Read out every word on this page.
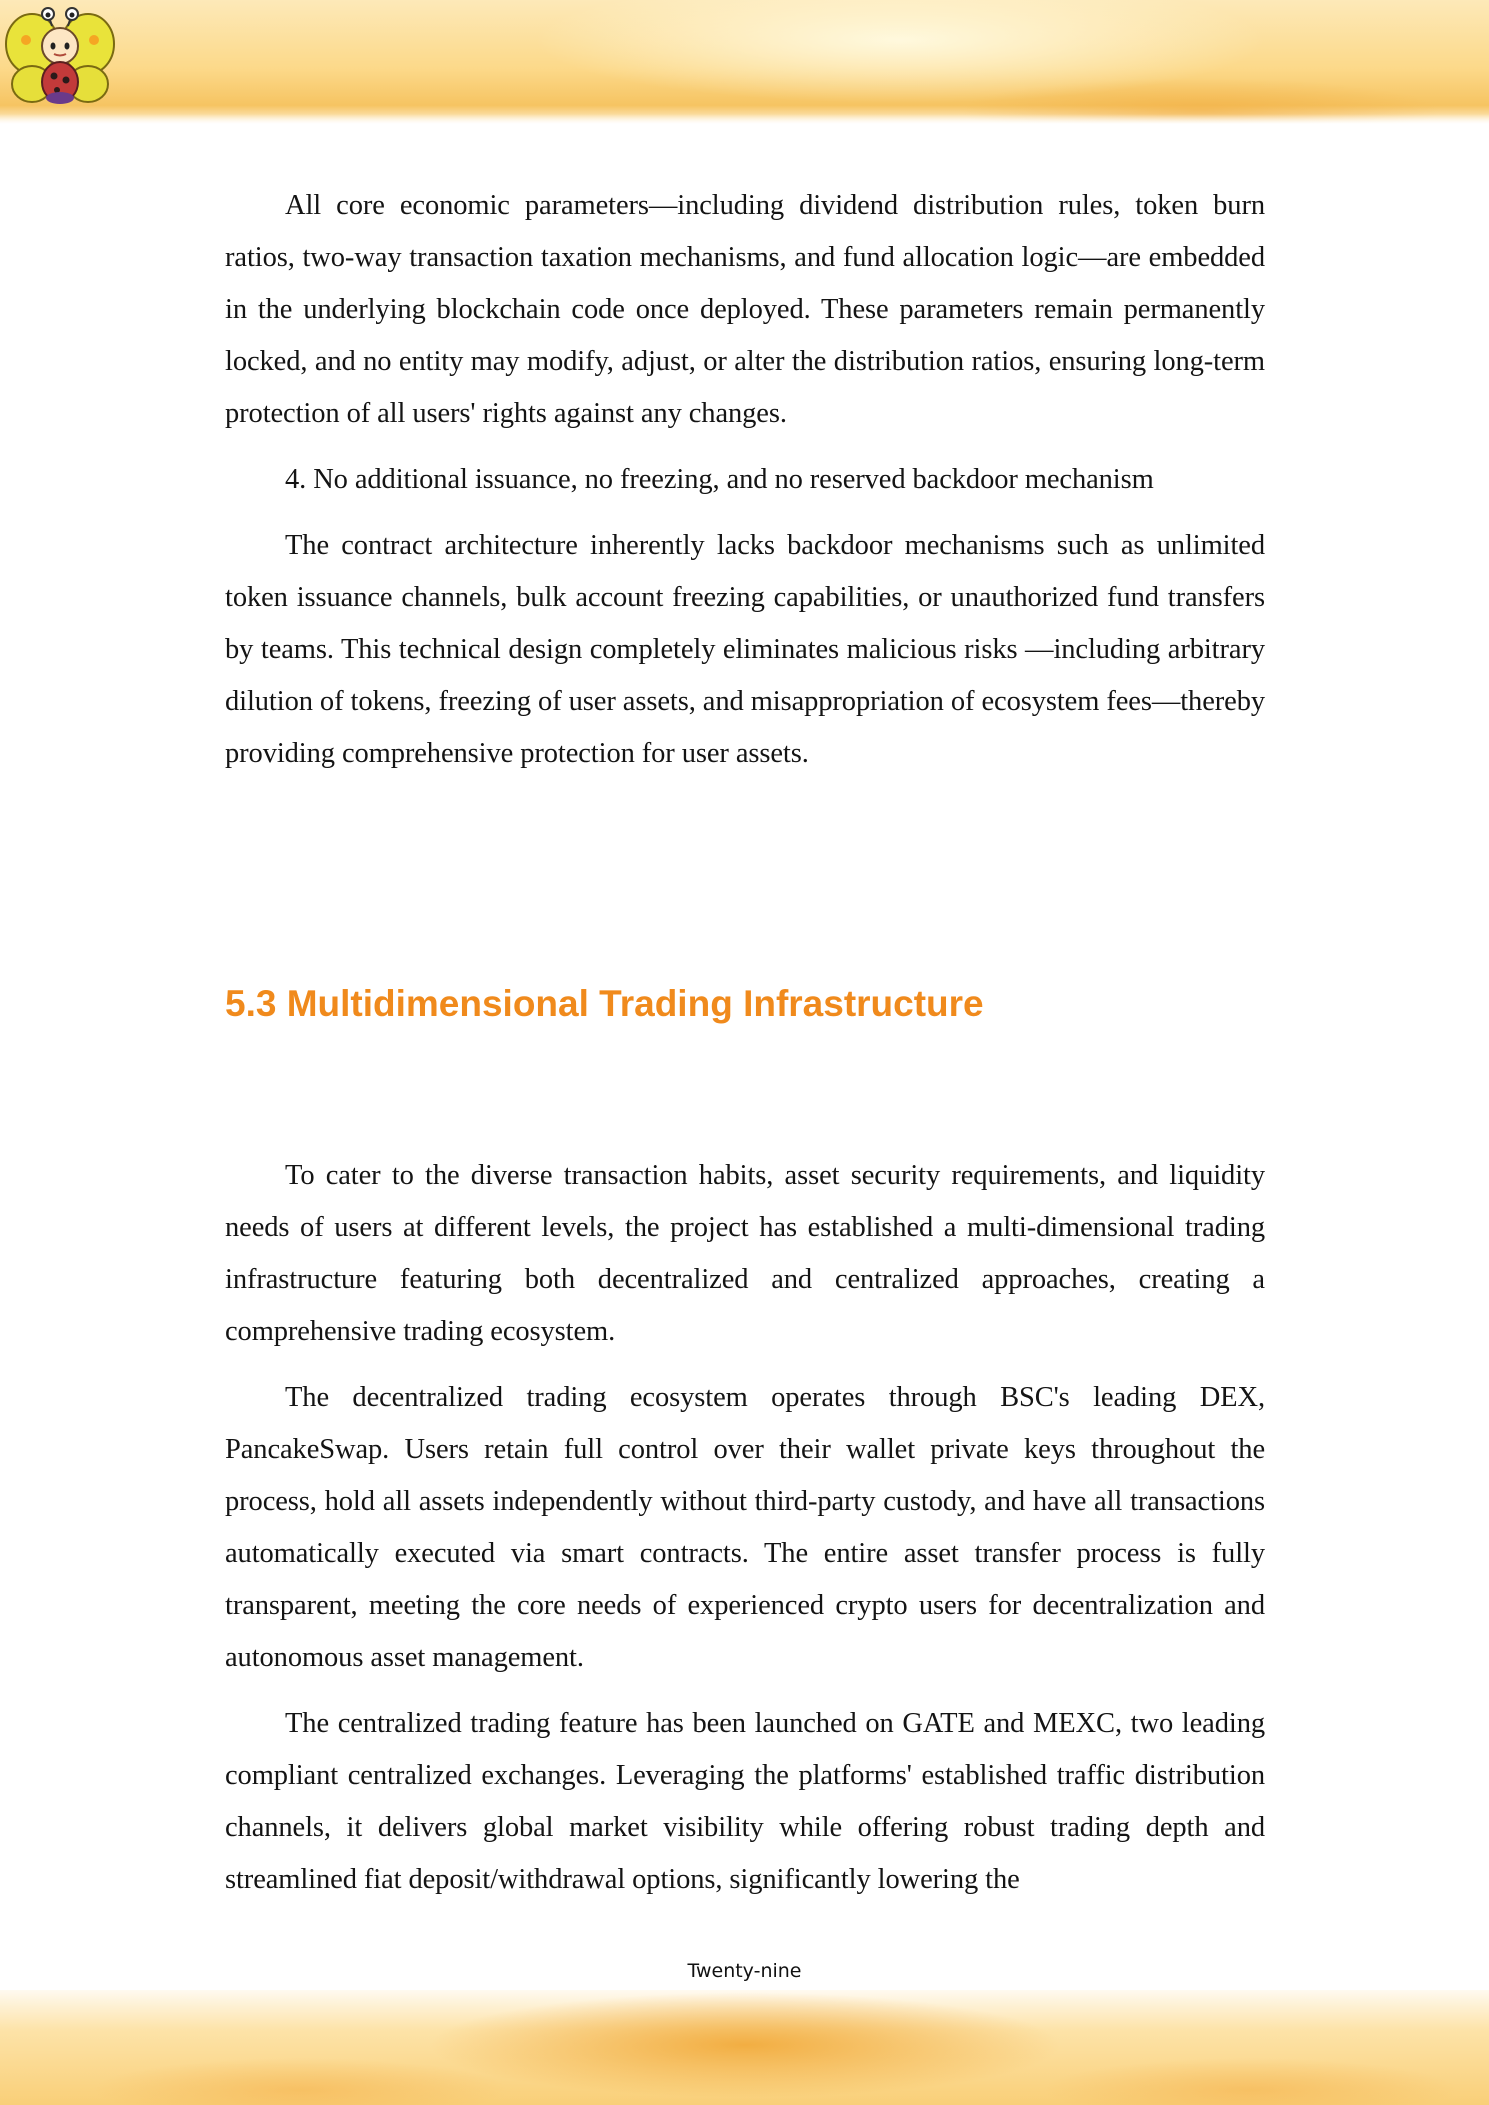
All core economic parameters—including dividend distribution rules, token burn ratios, two-way transaction taxation mechanisms, and fund allocation logic—are embedded in the underlying blockchain code once deployed. These parameters remain permanently locked, and no entity may modify, adjust, or alter the distribution ratios, ensuring long-term protection of all users' rights against any changes.

4. No additional issuance, no freezing, and no reserved backdoor mechanism

The contract architecture inherently lacks backdoor mechanisms such as unlimited token issuance channels, bulk account freezing capabilities, or unauthorized fund transfers by teams. This technical design completely eliminates malicious risks —including arbitrary dilution of tokens, freezing of user assets, and misappropriation of ecosystem fees—thereby providing comprehensive protection for user assets.

5.3 Multidimensional Trading Infrastructure

To cater to the diverse transaction habits, asset security requirements, and liquidity needs of users at different levels, the project has established a multi-dimensional trading infrastructure featuring both decentralized and centralized approaches, creating a comprehensive trading ecosystem.

The decentralized trading ecosystem operates through BSC's leading DEX, PancakeSwap. Users retain full control over their wallet private keys throughout the process, hold all assets independently without third-party custody, and have all transactions automatically executed via smart contracts. The entire asset transfer process is fully transparent, meeting the core needs of experienced crypto users for decentralization and autonomous asset management.

The centralized trading feature has been launched on GATE and MEXC, two leading compliant centralized exchanges. Leveraging the platforms' established traffic distribution channels, it delivers global market visibility while offering robust trading depth and streamlined fiat deposit/withdrawal options, significantly lowering the

Twenty-nine
